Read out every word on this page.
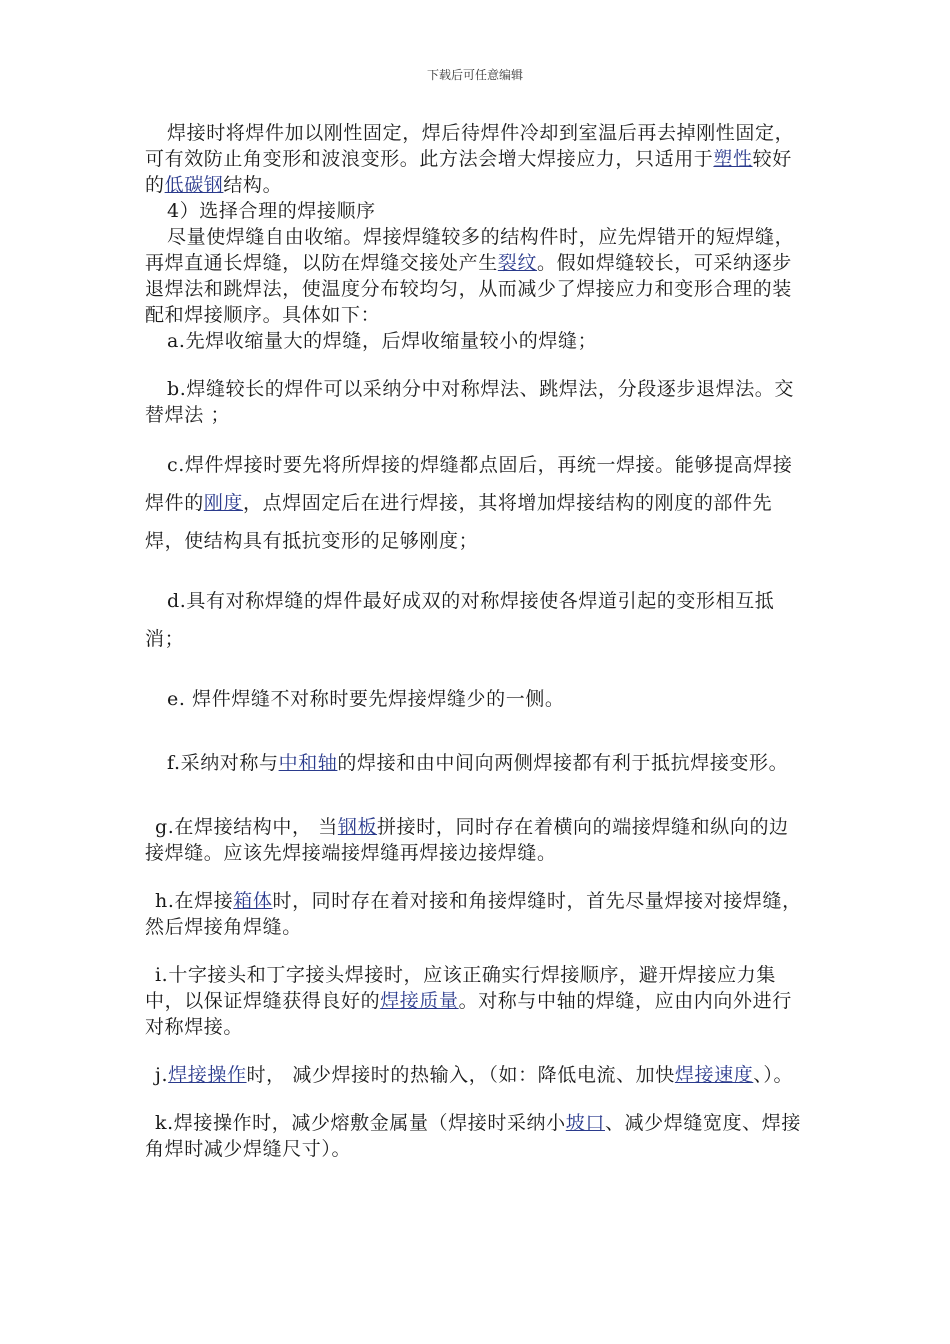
下载后可任意编辑

焊接时将焊件加以刚性固定，焊后待焊件冷却到室温后再去掉刚性固定，可有效防止角变形和波浪变形。此方法会增大焊接应力，只适用于塑性较好的低碳钢结构。

4）选择合理的焊接顺序

尽量使焊缝自由收缩。焊接焊缝较多的结构件时，应先焊错开的短焊缝，再焊直通长焊缝，以防在焊缝交接处产生裂纹。假如焊缝较长，可采纳逐步退焊法和跳焊法，使温度分布较均匀，从而减少了焊接应力和变形合理的装配和焊接顺序。具体如下：

a.先焊收缩量大的焊缝，后焊收缩量较小的焊缝；

b.焊缝较长的焊件可以采纳分中对称焊法、跳焊法，分段逐步退焊法。交替焊法 ；

c.焊件焊接时要先将所焊接的焊缝都点固后，再统一焊接。能够提高焊接焊件的刚度，点焊固定后在进行焊接，其将增加焊接结构的刚度的部件先焊，使结构具有抵抗变形的足够刚度；

d.具有对称焊缝的焊件最好成双的对称焊接使各焊道引起的变形相互抵消；

e. 焊件焊缝不对称时要先焊接焊缝少的一侧。

f.采纳对称与中和轴的焊接和由中间向两侧焊接都有利于抵抗焊接变形。

g.在焊接结构中， 当钢板拼接时，同时存在着横向的端接焊缝和纵向的边接焊缝。应该先焊接端接焊缝再焊接边接焊缝。

h.在焊接箱体时，同时存在着对接和角接焊缝时，首先尽量焊接对接焊缝，然后焊接角焊缝。

i.十字接头和丁字接头焊接时，应该正确实行焊接顺序，避开焊接应力集中，以保证焊缝获得良好的焊接质量。对称与中轴的焊缝，应由内向外进行对称焊接。

j.焊接操作时， 减少焊接时的热输入，（如：降低电流、加快焊接速度、）。

k.焊接操作时，减少熔敷金属量（焊接时采纳小坡口、减少焊缝宽度、焊接角焊时减少焊缝尺寸）。
